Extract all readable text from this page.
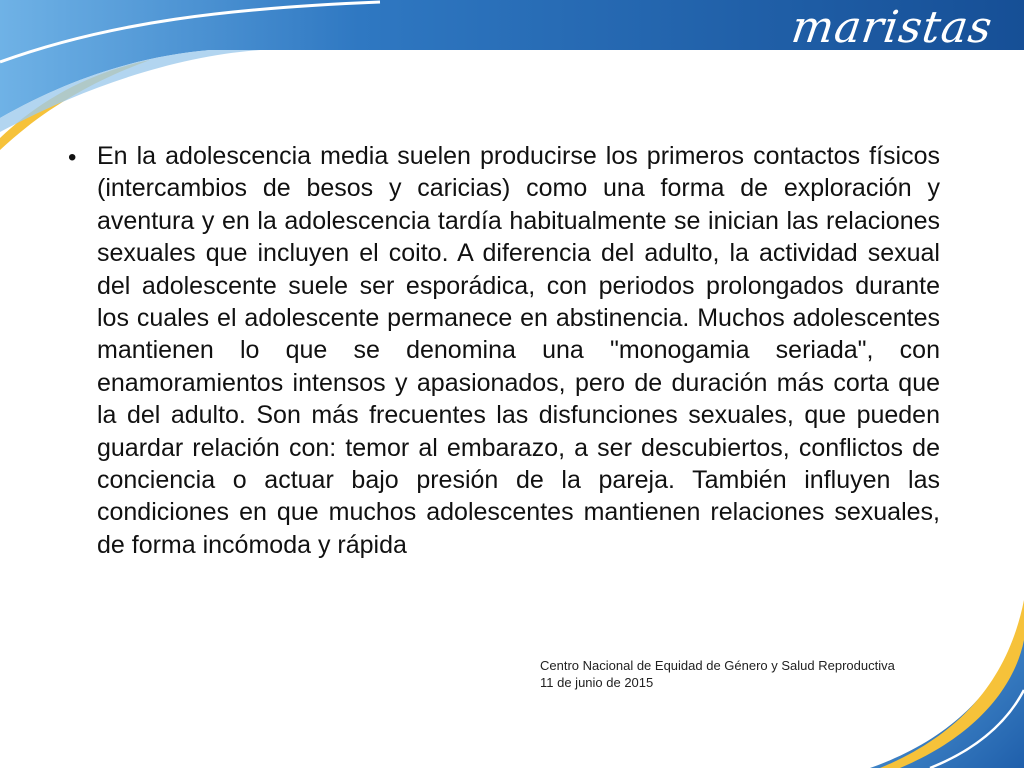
maristas
• En la adolescencia media suelen producirse los primeros contactos físicos (intercambios de besos y caricias) como una forma de exploración y aventura y en la adolescencia tardía habitualmente se inician las relaciones sexuales que incluyen el coito. A diferencia del adulto, la actividad sexual del adolescente suele ser esporádica, con periodos prolongados durante los cuales el adolescente permanece en abstinencia. Muchos adolescentes mantienen lo que se denomina una "monogamia seriada", con enamoramientos intensos y apasionados, pero de duración más corta que la del adulto. Son más frecuentes las disfunciones sexuales, que pueden guardar relación con: temor al embarazo, a ser descubiertos, conflictos de conciencia o actuar bajo presión de la pareja. También influyen las condiciones en que muchos adolescentes mantienen relaciones sexuales, de forma incómoda y rápida

Centro Nacional de Equidad de Género y Salud Reproductiva
11 de junio de 2015
